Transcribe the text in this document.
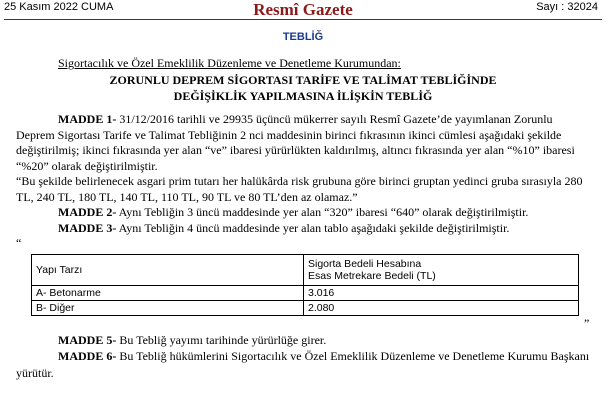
25 Kasım 2022 CUMA	Resmî Gazete	Sayı : 32024
TEBLİĞ
Sigortacılık ve Özel Emeklilik Düzenleme ve Denetleme Kurumundan:
ZORUNLU DEPREM SİGORTASI TARİFE VE TALİMAT TEBLİĞİNDE
DEĞİŞİKLİK YAPILMASINA İLİŞKİN TEBLİĞ
MADDE 1- 31/12/2016 tarihli ve 29935 üçüncü mükerrer sayılı Resmî Gazete’de yayımlanan Zorunlu
Deprem Sigortası Tarife ve Talimat Tebliğinin 2 nci maddesinin birinci fıkrasının ikinci cümlesi aşağıdaki şekilde
değiştirilmiş; ikinci fıkrasında yer alan “ve” ibaresi yürürlükten kaldırılmış, altıncı fıkrasında yer alan “%10” ibaresi
“%20” olarak değiştirilmiştir.
“Bu şekilde belirlenecek asgari prim tutarı her halükârda risk grubuna göre birinci gruptan yedinci gruba sırasıyla 280
TL, 240 TL, 180 TL, 140 TL, 110 TL, 90 TL ve 80 TL’den az olamaz.”
MADDE 2- Aynı Tebliğin 3 üncü maddesinde yer alan “320” ibaresi “640” olarak değiştirilmiştir.
MADDE 3- Aynı Tebliğin 4 üncü maddesinde yer alan tablo aşağıdaki şekilde değiştirilmiştir.
“
Yapı Tarzı	Sigorta Bedeli Hesabına
Esas Metrekare Bedeli (TL)

A- Betonarme	3.016
B- Diğer	2.080
”
MADDE 5- Bu Tebliğ yayımı tarihinde yürürlüğe girer.
MADDE 6- Bu Tebliğ hükümlerini Sigortacılık ve Özel Emeklilik Düzenleme ve Denetleme Kurumu Başkanı
yürütür.
